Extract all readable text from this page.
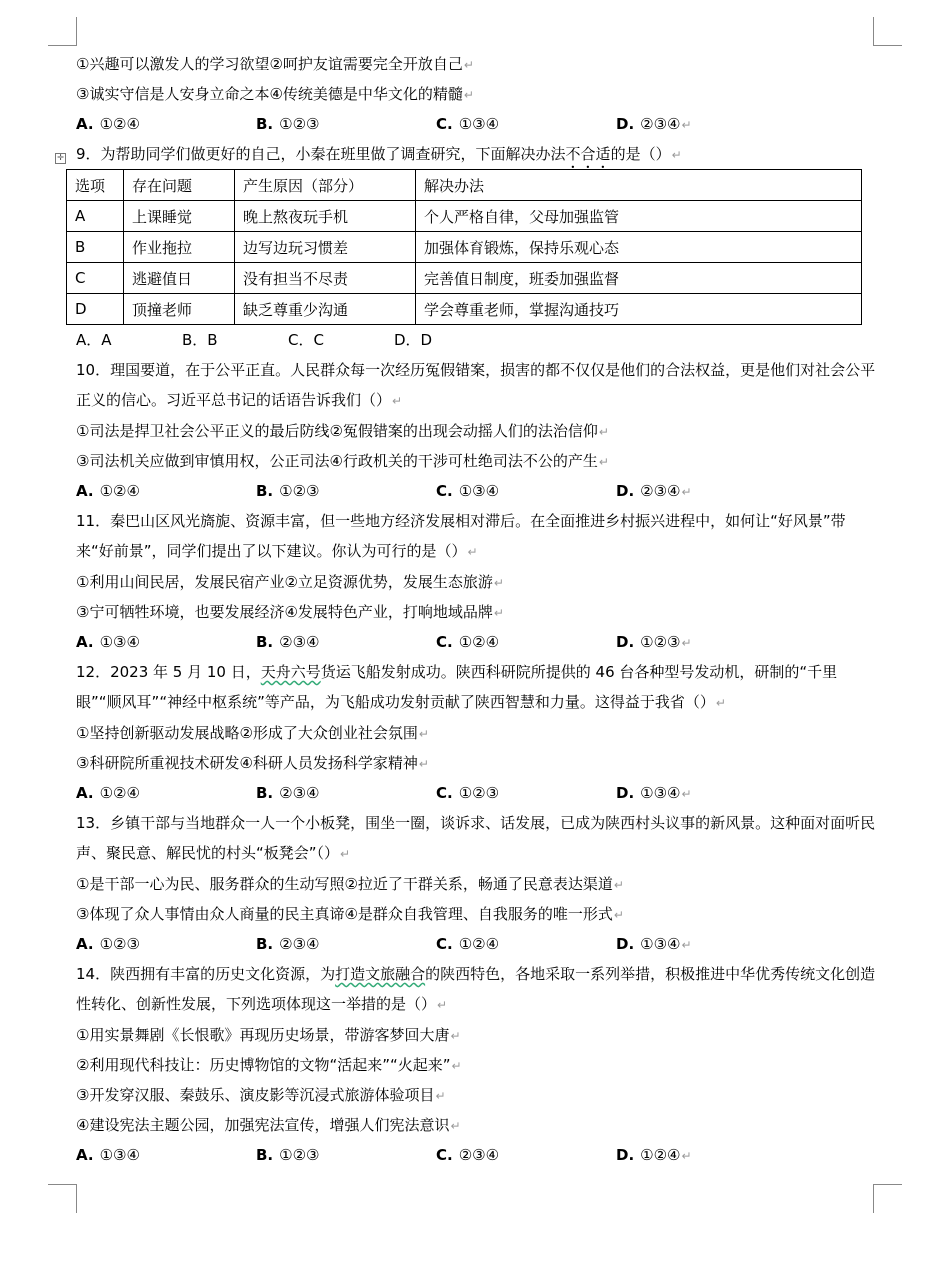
✛
①兴趣可以激发人的学习欲望②呵护友谊需要完全开放自己↵
③诚实守信是人安身立命之本④传统美德是中华文化的精髓↵
A. ①②④	B. ①②③	C. ①③④	D. ②③④↵
9．为帮助同学们做更好的自己，小秦在班里做了调查研究，下面解决办法不合适的是（）↵
选项	存在问题	产生原因（部分）	解决办法
A	上课睡觉	晚上熬夜玩手机	个人严格自律，父母加强监管
B	作业拖拉	边写边玩习惯差	加强体育锻炼，保持乐观心态
C	逃避值日	没有担当不尽责	完善值日制度，班委加强监督
D	顶撞老师	缺乏尊重少沟通	学会尊重老师，掌握沟通技巧
A．A	B．B	C．C	D．D
10．理国要道，在于公平正直。人民群众每一次经历冤假错案，损害的都不仅仅是他们的合法权益，更是他们对社会公平正义的信心。习近平总书记的话语告诉我们（）↵
①司法是捍卫社会公平正义的最后防线②冤假错案的出现会动摇人们的法治信仰↵
③司法机关应做到审慎用权，公正司法④行政机关的干涉可杜绝司法不公的产生↵
A. ①②④	B. ①②③	C. ①③④	D. ②③④↵
11．秦巴山区风光旖旎、资源丰富，但一些地方经济发展相对滞后。在全面推进乡村振兴进程中，如何让“好风景”带来“好前景”，同学们提出了以下建议。你认为可行的是（）↵
①利用山间民居，发展民宿产业②立足资源优势，发展生态旅游↵
③宁可牺牲环境，也要发展经济④发展特色产业，打响地域品牌↵
A. ①③④	B. ②③④	C. ①②④	D. ①②③↵
12．2023 年 5 月 10 日，天舟六号货运飞船发射成功。陕西科研院所提供的 46 台各种型号发动机，研制的“千里眼”“顺风耳”“神经中枢系统”等产品，为飞船成功发射贡献了陕西智慧和力量。这得益于我省（）↵
①坚持创新驱动发展战略②形成了大众创业社会氛围↵
③科研院所重视技术研发④科研人员发扬科学家精神↵
A. ①②④	B. ②③④	C. ①②③	D. ①③④↵
13．乡镇干部与当地群众一人一个小板凳，围坐一圈，谈诉求、话发展，已成为陕西村头议事的新风景。这种面对面听民声、聚民意、解民忧的村头“板凳会”（）↵
①是干部一心为民、服务群众的生动写照②拉近了干群关系，畅通了民意表达渠道↵
③体现了众人事情由众人商量的民主真谛④是群众自我管理、自我服务的唯一形式↵
A. ①②③	B. ②③④	C. ①②④	D. ①③④↵
14．陕西拥有丰富的历史文化资源，为打造文旅融合的陕西特色，各地采取一系列举措，积极推进中华优秀传统文化创造性转化、创新性发展，下列选项体现这一举措的是（）↵
①用实景舞剧《长恨歌》再现历史场景，带游客梦回大唐↵
②利用现代科技让：历史博物馆的文物“活起来”“火起来”↵
③开发穿汉服、秦鼓乐、演皮影等沉浸式旅游体验项目↵
④建设宪法主题公园，加强宪法宣传，增强人们宪法意识↵
A. ①③④	B. ①②③	C. ②③④	D. ①②④↵
